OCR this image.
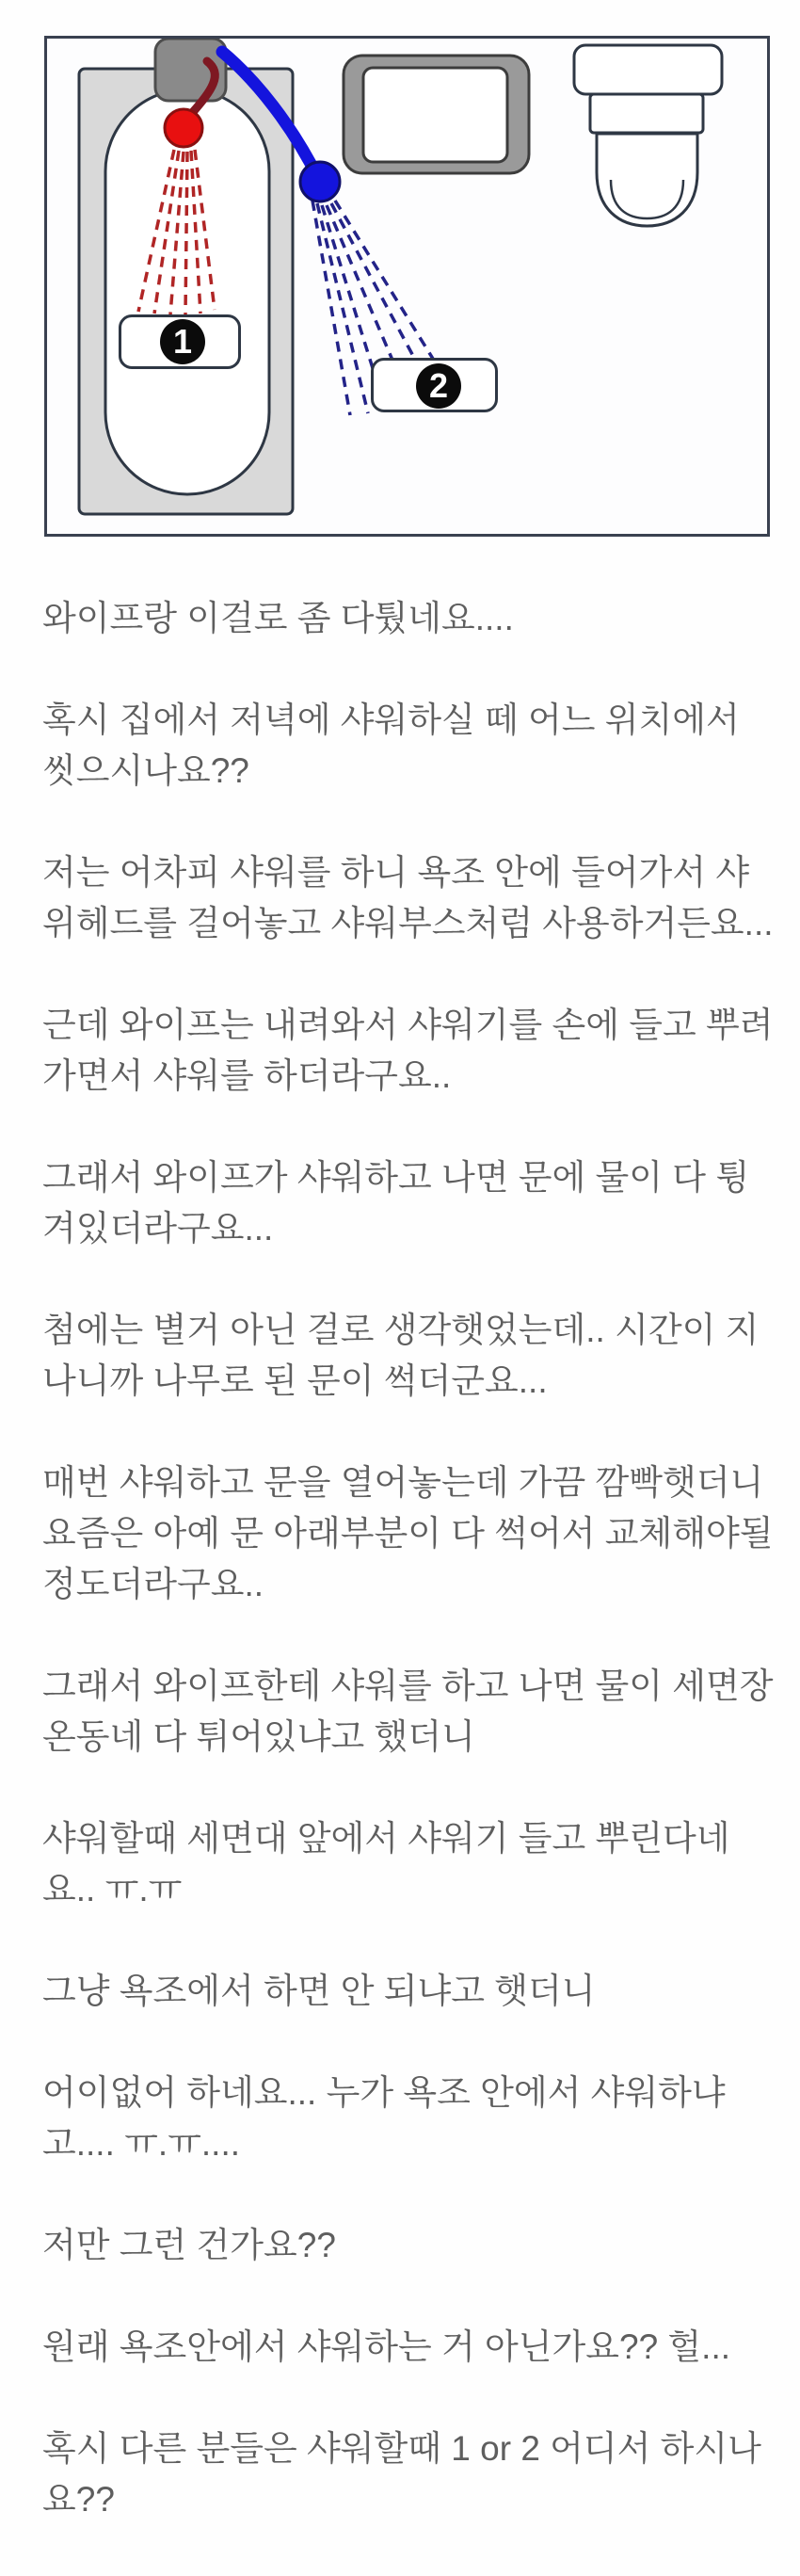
1
2

와이프랑 이걸로 좀 다퉜네요....

혹시 집에서 저녁에 샤워하실 떼 어느 위치에서 씻으시나요??

저는 어차피 샤워를 하니 욕조 안에 들어가서 샤위헤드를 걸어놓고 샤워부스처럼 사용하거든요...

근데 와이프는 내려와서 샤워기를 손에 들고 뿌려가면서 샤워를 하더라구요..

그래서 와이프가 샤워하고 나면 문에 물이 다 튕겨있더라구요...

첨에는 별거 아닌 걸로 생각햇었는데.. 시간이 지나니까 나무로 된 문이 썩더군요...

매번 샤워하고 문을 열어놓는데 가끔 깜빡햇더니 요즘은 아예 문 아래부분이 다 썩어서 교체해야될 정도더라구요..

그래서 와이프한테 샤워를 하고 나면 물이 세면장 온동네 다 튀어있냐고 했더니

샤워할때 세면대 앞에서 샤워기 들고 뿌린다네요.. ㅠ.ㅠ

그냥 욕조에서 하면 안 되냐고 햇더니

어이없어 하네요... 누가 욕조 안에서 샤워하냐고.... ㅠ.ㅠ....

저만 그런 건가요??

원래 욕조안에서 샤워하는 거 아닌가요?? 헐...

혹시 다른 분들은 샤워할때 1 or 2 어디서 하시나요??
